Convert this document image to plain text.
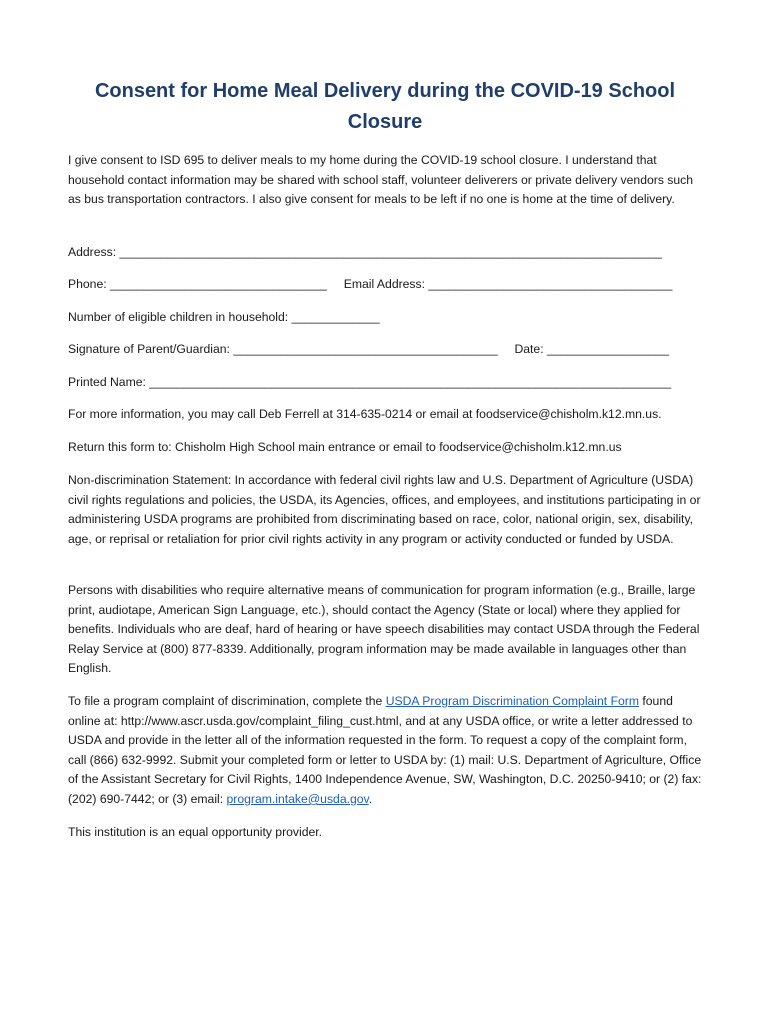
Consent for Home Meal Delivery during the COVID-19 School
Closure

I give consent to ISD 695 to deliver meals to my home during the COVID-19 school closure. I understand that household contact information may be shared with school staff, volunteer deliverers or private delivery vendors such as bus transportation contractors. I also give consent for meals to be left if no one is home at the time of delivery.

Address: ________________________________________________________________________________
Phone: ________________________________ Email Address: ____________________________________
Number of eligible children in household: _____________
Signature of Parent/Guardian: _______________________________________ Date: __________________
Printed Name: _____________________________________________________________________________

For more information, you may call Deb Ferrell at 314-635-0214 or email at foodservice@chisholm.k12.mn.us.

Return this form to: Chisholm High School main entrance or email to foodservice@chisholm.k12.mn.us

Non-discrimination Statement: In accordance with federal civil rights law and U.S. Department of Agriculture (USDA) civil rights regulations and policies, the USDA, its Agencies, offices, and employees, and institutions participating in or administering USDA programs are prohibited from discriminating based on race, color, national origin, sex, disability, age, or reprisal or retaliation for prior civil rights activity in any program or activity conducted or funded by USDA.

Persons with disabilities who require alternative means of communication for program information (e.g., Braille, large print, audiotape, American Sign Language, etc.), should contact the Agency (State or local) where they applied for benefits. Individuals who are deaf, hard of hearing or have speech disabilities may contact USDA through the Federal Relay Service at (800) 877-8339. Additionally, program information may be made available in languages other than English.

To file a program complaint of discrimination, complete the USDA Program Discrimination Complaint Form found online at: http://www.ascr.usda.gov/complaint_filing_cust.html, and at any USDA office, or write a letter addressed to USDA and provide in the letter all of the information requested in the form. To request a copy of the complaint form, call (866) 632-9992. Submit your completed form or letter to USDA by: (1) mail: U.S. Department of Agriculture, Office of the Assistant Secretary for Civil Rights, 1400 Independence Avenue, SW, Washington, D.C. 20250-9410; or (2) fax: (202) 690-7442; or (3) email: program.intake@usda.gov.

This institution is an equal opportunity provider.
